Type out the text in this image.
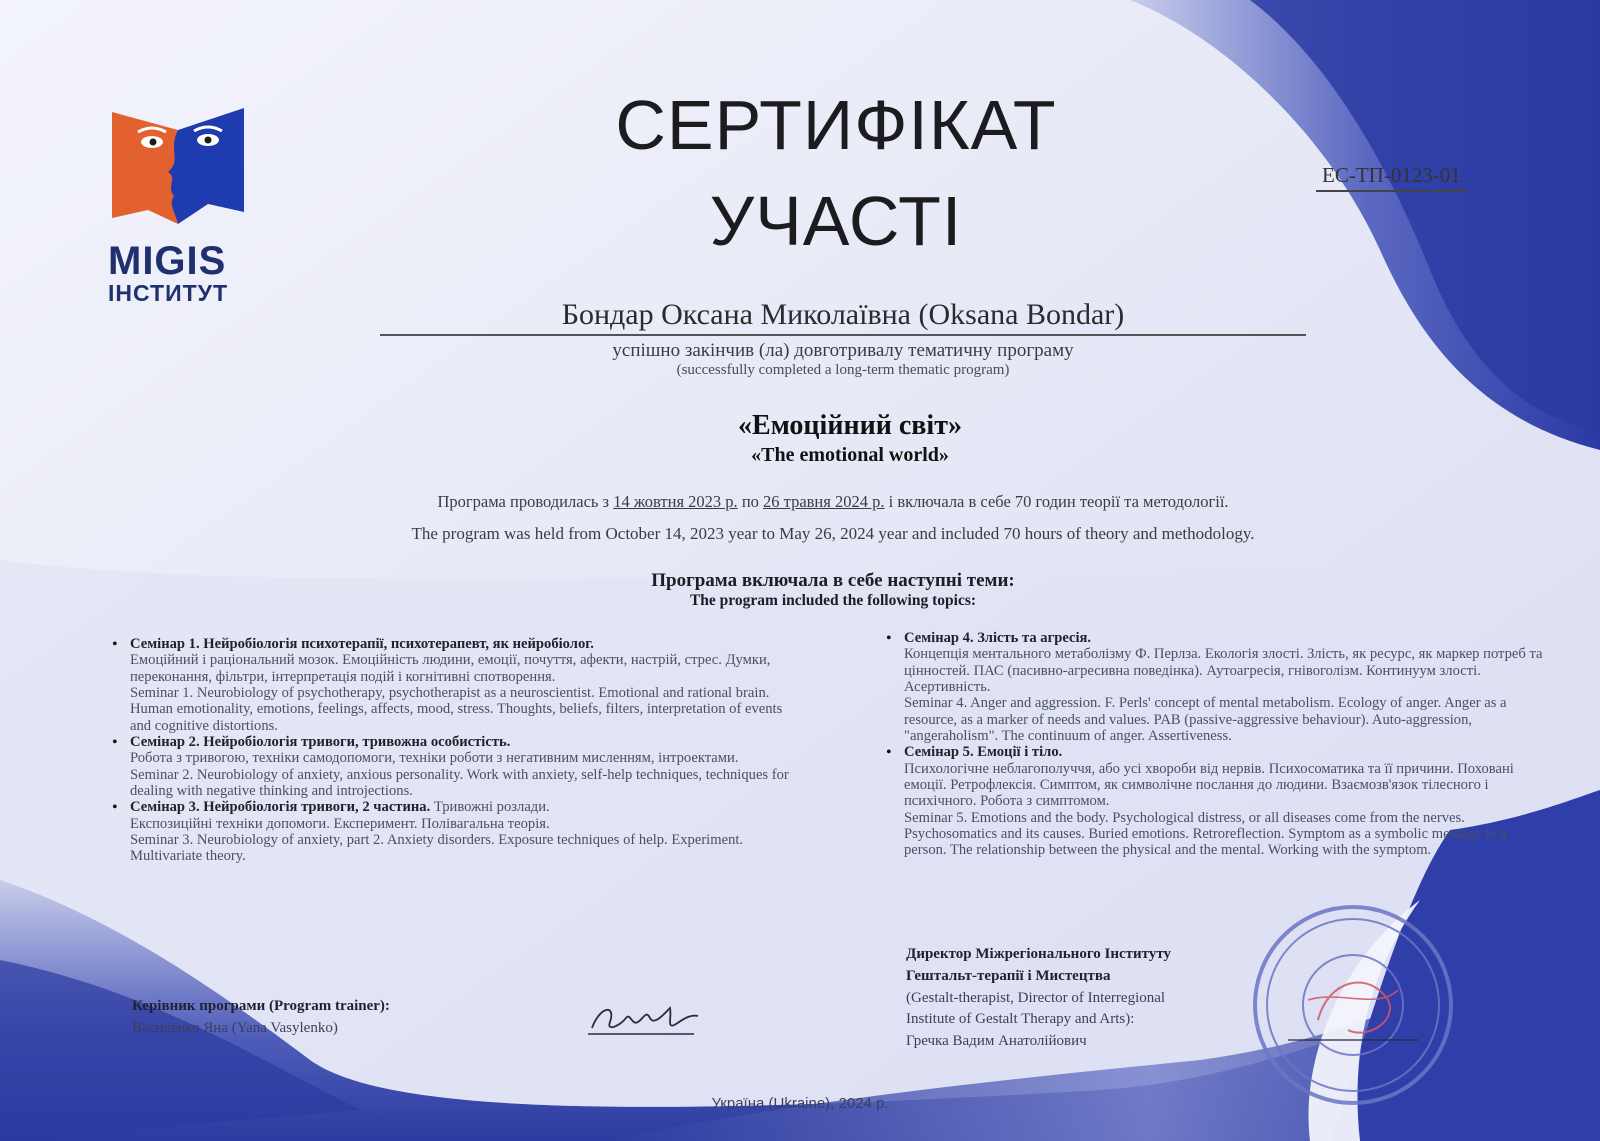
MIGIS
ІНСТИТУТ
СЕРТИФІКАТ
УЧАСТІ
ЕС-ТП-0123-01
Бондар Оксана Миколаївна (Oksana Bondar)
успішно закінчив (ла) довготривалу тематичну програму
(successfully completed a long-term thematic program)
«Емоційний світ»
«The emotional world»
Програма проводилась з 14 жовтня 2023 р. по 26 травня 2024 р. і включала в себе 70 годин теорії та методології.
The program was held from October 14, 2023 year to May 26, 2024 year and included 70 hours of theory and methodology.
Програма включала в себе наступні теми:
The program included the following topics:
• Семінар 1. Нейробіологія психотерапії, психотерапевт, як нейробіолог.

Емоційний і раціональний мозок. Емоційність людини, емоції, почуття, афекти, настрій, стрес. Думки, переконання, фільтри, інтерпретація подій і когнітивні спотворення.

Seminar 1. Neurobiology of psychotherapy, psychotherapist as a neuroscientist. Emotional and rational brain. Human emotionality, emotions, feelings, affects, mood, stress. Thoughts, beliefs, filters, interpretation of events and cognitive distortions.

• Семінар 2. Нейробіологія тривоги, тривожна особистість.

Робота з тривогою, техніки самодопомоги, техніки роботи з негативним мисленням, інтроектами.

Seminar 2. Neurobiology of anxiety, anxious personality. Work with anxiety, self-help techniques, techniques for dealing with negative thinking and introjections.

• Семінар 3. Нейробіологія тривоги, 2 частина. Тривожні розлади.

Експозиційні техніки допомоги. Експеримент. Полівагальна теорія.

Seminar 3. Neurobiology of anxiety, part 2. Anxiety disorders. Exposure techniques of help. Experiment. Multivariate theory.

• Семінар 4. Злість та агресія.

Концепція ментального метаболізму Ф. Перлза. Екологія злості. Злість, як ресурс, як маркер потреб та цінностей. ПАС (пасивно-агресивна поведінка). Аутоагресія, гнівоголізм. Континуум злості. Асертивність.

Seminar 4. Anger and aggression. F. Perls' concept of mental metabolism. Ecology of anger. Anger as a resource, as a marker of needs and values. PAB (passive-aggressive behaviour). Auto-aggression, "angeraholism". The continuum of anger. Assertiveness.

• Семінар 5. Емоції і тіло.

Психологічне неблагополуччя, або усі хвороби від нервів. Психосоматика та її причини. Поховані емоції. Ретрофлексія. Симптом, як символічне послання до людини. Взаємозв'язок тілесного і психічного. Робота з симптомом.

Seminar 5. Emotions and the body. Psychological distress, or all diseases come from the nerves. Psychosomatics and its causes. Buried emotions. Retroreflection. Symptom as a symbolic message to a person. The relationship between the physical and the mental. Working with the symptom.

Керівник програми (Program trainer):
Василенко Яна (Yana Vasylenko)
Директор Міжрегіонального Інституту
Гештальт-терапії і Мистецтва
(Gestalt-therapist, Director of Interregional
Institute of Gestalt Therapy and Arts):
Гречка Вадим Анатолійович
Україна (Ukraine), 2024 р.
